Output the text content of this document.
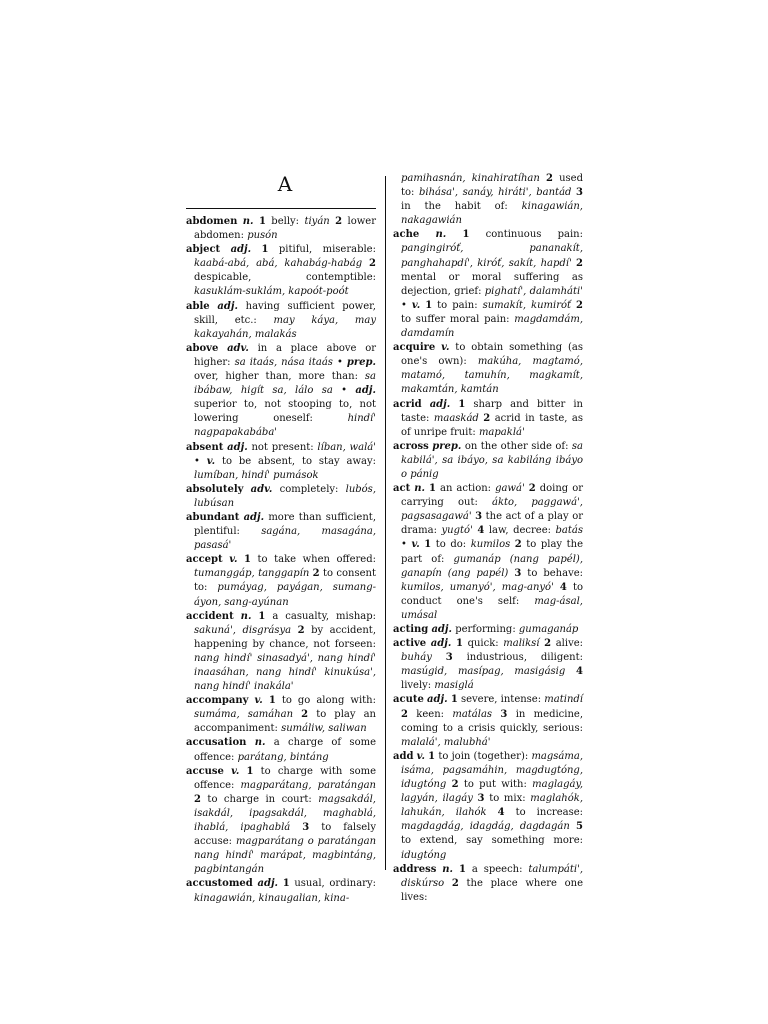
A

abdomen n. 1 belly: tiyán 2 lower abdomen: pusón

abject adj. 1 pitiful, miserable: kaabá-abá, abá, kahabág-habág 2 despicable, contemptible: kasuklám-suklám, kapoót-poót

able adj. having sufficient power, skill, etc.: may káya, may kakayahán, malakás

above adv. in a place above or higher: sa itaás, nása itaás • prep. over, higher than, more than: sa ibábaw, higít sa, lálo sa • adj. superior to, not stooping to, not lowering oneself: hindí' nagpapakabába'

absent adj. not present: líban, walá' • v. to be absent, to stay away: lumíban, hindí' pumások

absolutely adv. completely: lubós, lubúsan

abundant adj. more than sufficient, plentiful: sagána, masagána, pasasá'

accept v. 1 to take when offered: tumanggáp, tanggapín 2 to consent to: pumáyag, payágan, sumang-áyon, sang-ayúnan

accident n. 1 a casualty, mishap: sakuná', disgrásya 2 by accident, happening by chance, not forseen: nang hindí' sinasadyá', nang hindí' inaasáhan, nang hindí' kinukúsa', nang hindí' inakála'

accompany v. 1 to go along with: sumáma, samáhan 2 to play an accompaniment: sumáliw, saliwan

accusation n. a charge of some offence: parátang, bintáng

accuse v. 1 to charge with some offence: magparátang, paratángan 2 to charge in court: magsakdál, isakdál, ipagsakdál, maghablá, ihablá, ipaghablá 3 to falsely accuse: magparátang o paratángan nang hindí' marápat, magbintáng, pagbintangán

accustomed adj. 1 usual, ordinary: kinagawián, kinaugalian, kina-

pamihasnán, kinahiratíhan 2 used to: bihása', sanáy, hiráti', bantád 3 in the habit of: kinagawián, nakagawián

ache n. 1 continuous pain: pangingiróť, pananakít, panghahapdí', kiróť, sakít, hapdí' 2 mental or moral suffering as dejection, grief: pighatí', dalamháti' • v. 1 to pain: sumakít, kumiróť 2 to suffer moral pain: magdamdám, damdamín

acquire v. to obtain something (as one's own): makúha, magtamó, matamó, tamuhín, magkamít, makamtán, kamtán

acrid adj. 1 sharp and bitter in taste: maaskád 2 acrid in taste, as of unripe fruit: mapaklá'

across prep. on the other side of: sa kabilá', sa ibáyo, sa kabiláng ibáyo o pánig

act n. 1 an action: gawá' 2 doing or carrying out: ákto, paggawá', pagsasagawá' 3 the act of a play or drama: yugtó' 4 law, decree: batás • v. 1 to do: kumilos 2 to play the part of: gumanáp (nang papél), ganapín (ang papél) 3 to behave: kumilos, umanyó', mag-anyó' 4 to conduct one's self: mag-ásal, umásal

acting adj. performing: gumaganáp

active adj. 1 quick: maliksí 2 alive: buháy 3 industrious, diligent: masúgid, masípag, masigásig 4 lively: masiglá

acute adj. 1 severe, intense: matindí 2 keen: matálas 3 in medicine, coming to a crisis quickly, serious: malalá', malubhá'

add v. 1 to join (together): magsáma, isáma, pagsamáhin, magdugtóng, idugtóng 2 to put with: maglagáy, lagyán, ilagáy 3 to mix: maglahók, lahukán, ilahók 4 to increase: magdagdág, idagdág, dagdagán 5 to extend, say something more: idugtóng

address n. 1 a speech: talumpáti', diskúrso 2 the place where one lives:
